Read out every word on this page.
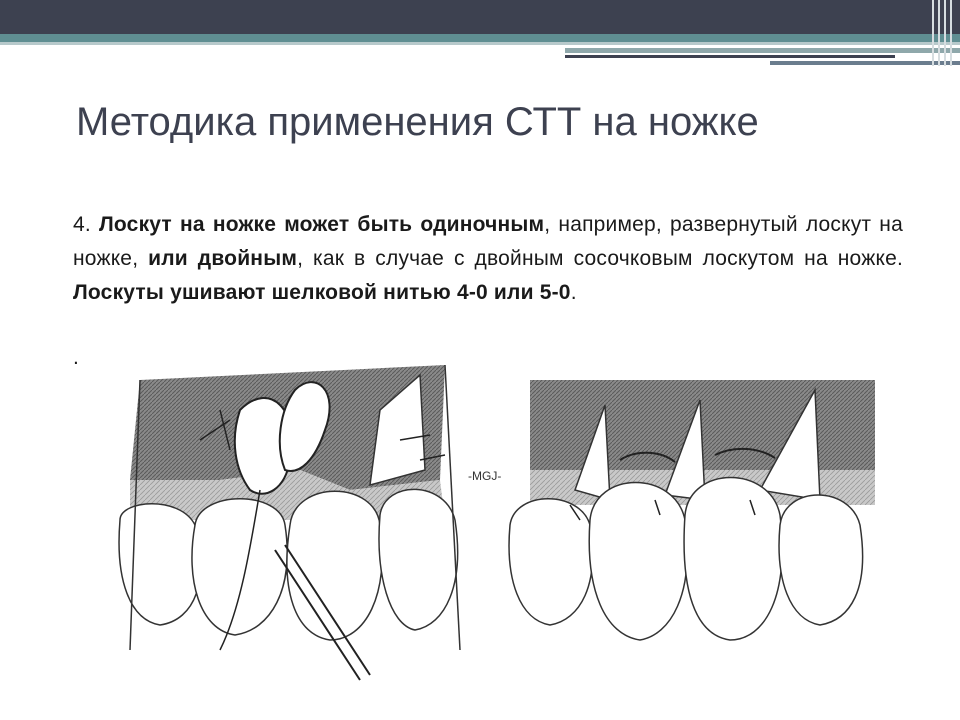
Методика применения СТТ на ножке
4. Лоскут на ножке может быть одиночным, например, развернутый лоскут на ножке, или двойным, как в случае с двойным сосочковым лоскутом на ножке. Лоскуты ушивают шелковой нитью 4-0 или 5-0.
.
-MGJ-
